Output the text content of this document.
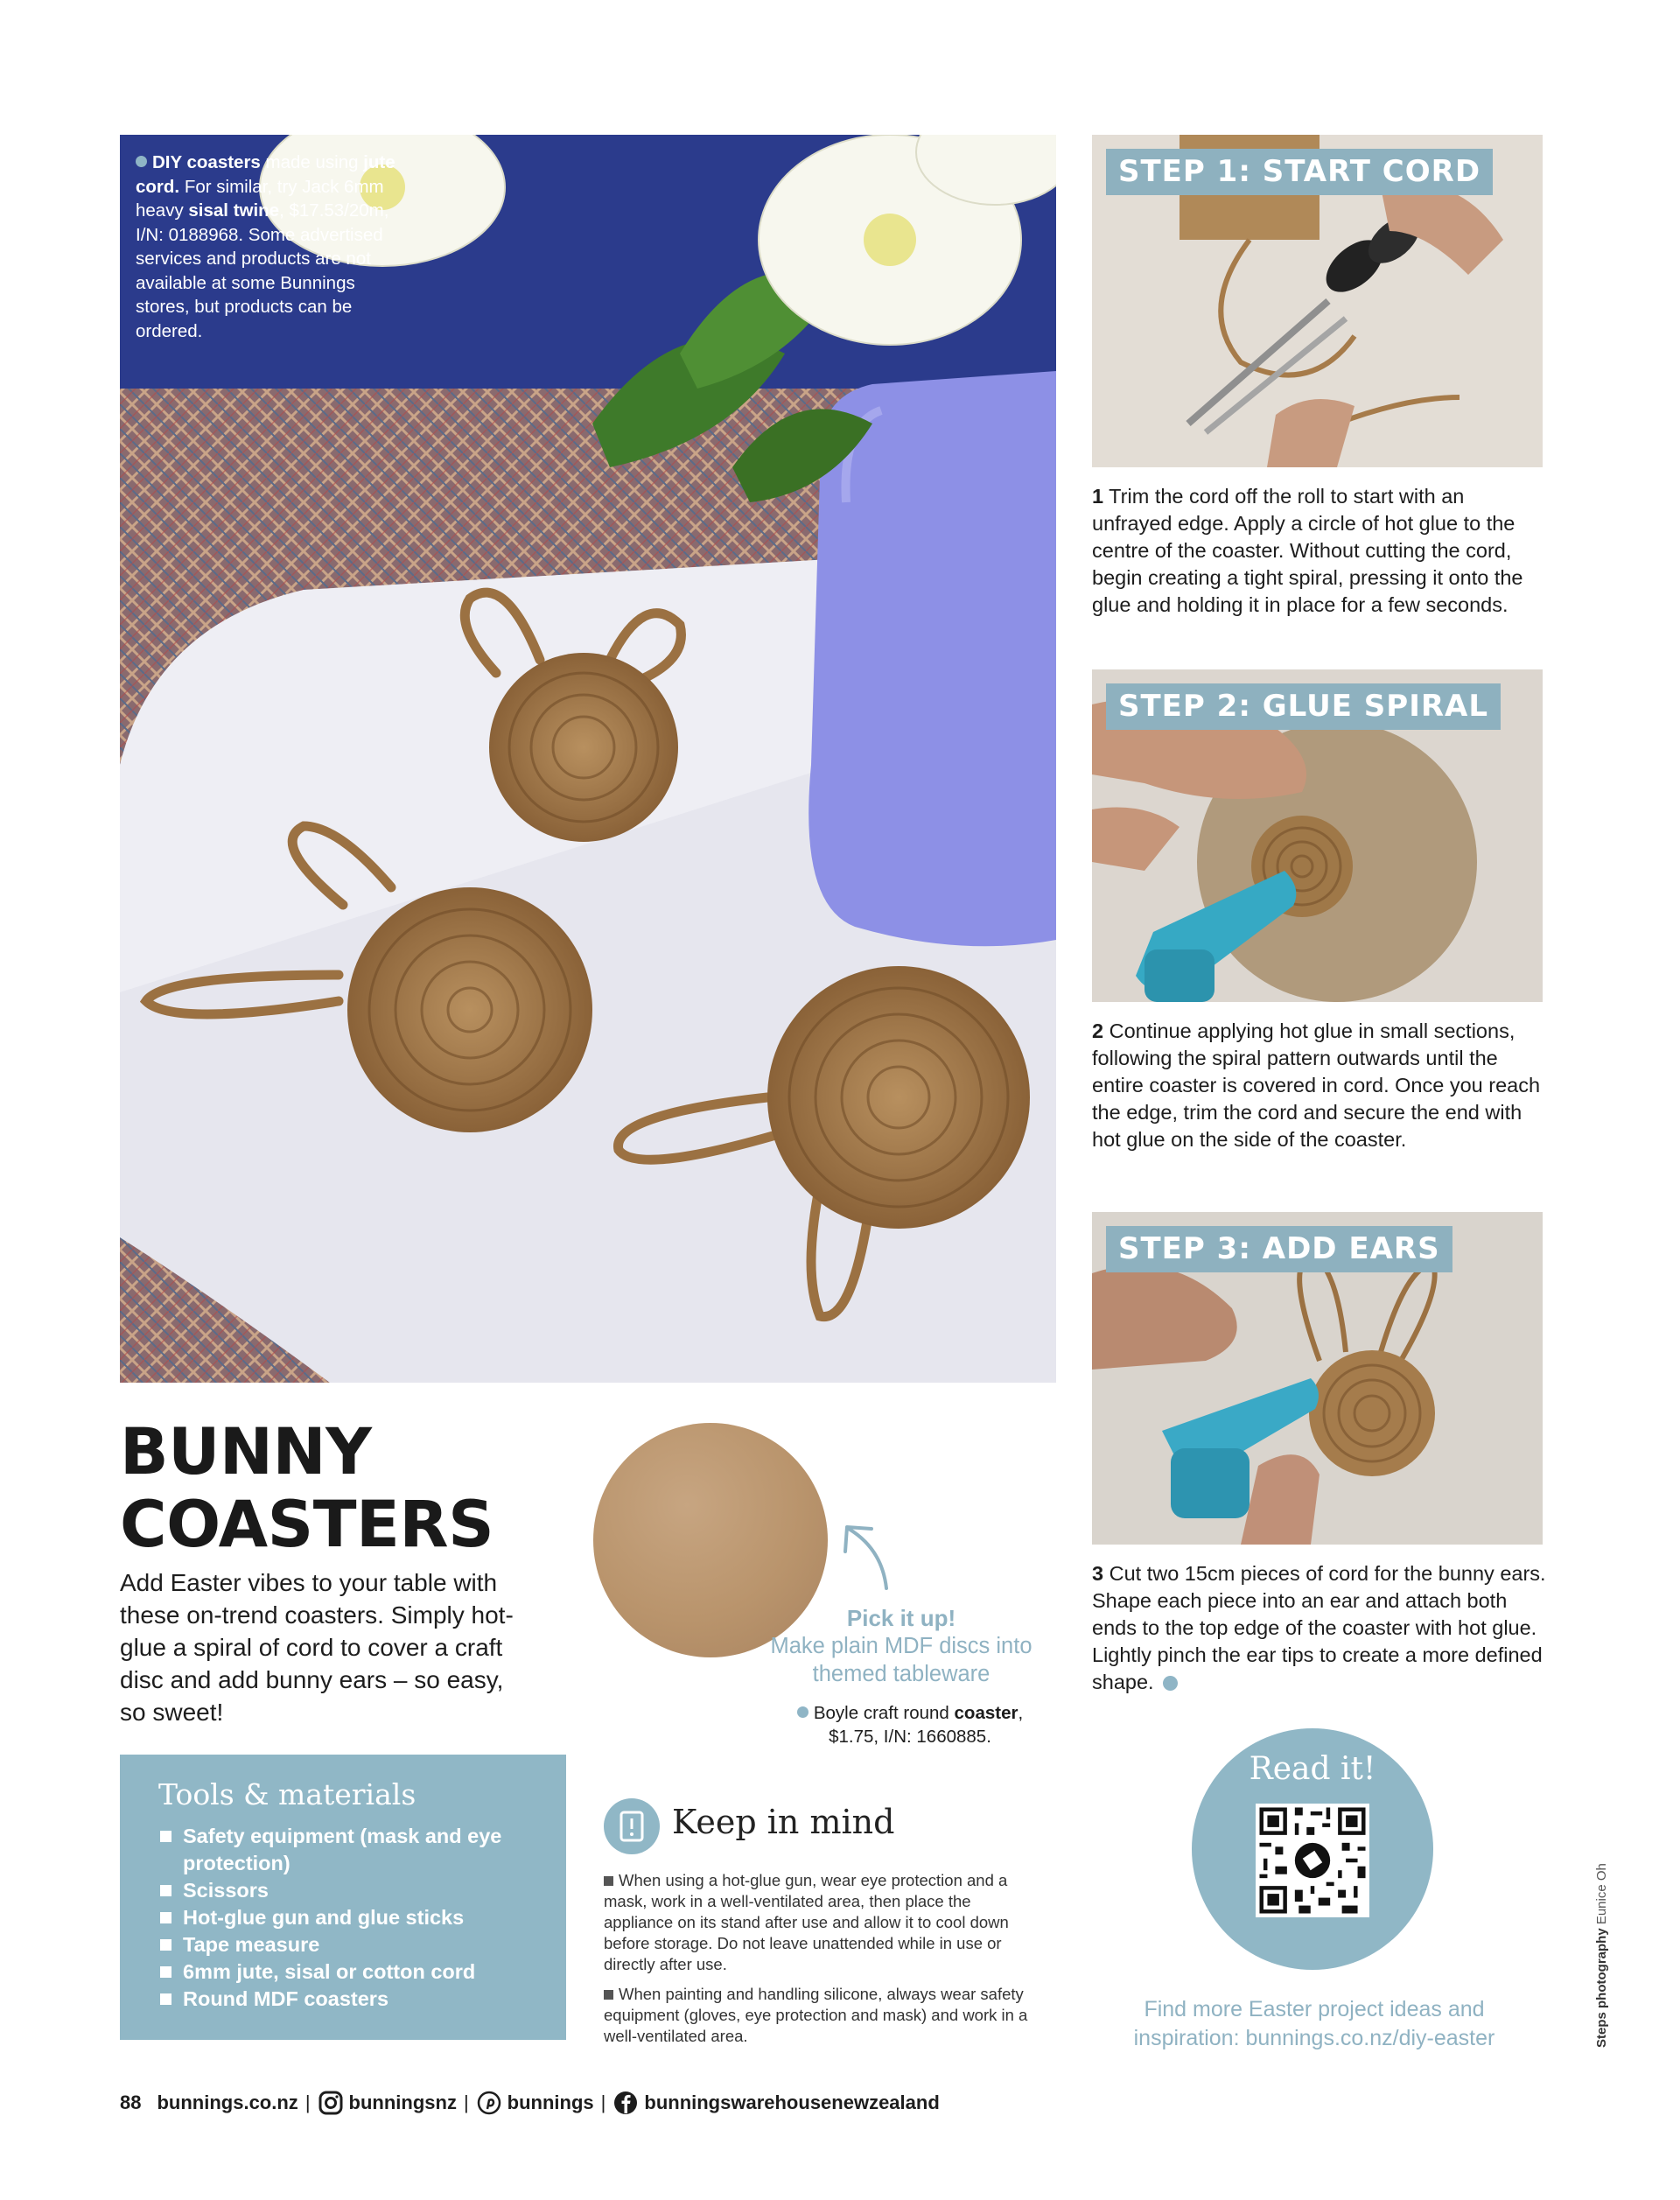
DIY coasters made using jute cord. For similar, try Jack 6mm heavy sisal twine, $17.53/20m, I/N: 0188968. Some advertised services and products are not available at some Bunnings stores, but products can be ordered.
STEP 1: START CORD
1 Trim the cord off the roll to start with an unfrayed edge. Apply a circle of hot glue to the centre of the coaster. Without cutting the cord, begin creating a tight spiral, pressing it onto the glue and holding it in place for a few seconds.
STEP 2: GLUE SPIRAL
2 Continue applying hot glue in small sections, following the spiral pattern outwards until the entire coaster is covered in cord. Once you reach the edge, trim the cord and secure the end with hot glue on the side of the coaster.
STEP 3: ADD EARS
3 Cut two 15cm pieces of cord for the bunny ears. Shape each piece into an ear and attach both ends to the top edge of the coaster with hot glue. Lightly pinch the ear tips to create a more defined shape.
BUNNY
COASTERS
Add Easter vibes to your table with these on-trend coasters. Simply hot-glue a spiral of cord to cover a craft disc and add bunny ears – so easy, so sweet!
Pick it up!
Make plain MDF discs into themed tableware
Boyle craft round coaster, $1.75, I/N: 1660885.
Tools & materials
Safety equipment (mask and eye protection)
Scissors
Hot-glue gun and glue sticks
Tape measure
6mm jute, sisal or cotton cord
Round MDF coasters
Keep in mind
When using a hot-glue gun, wear eye protection and a mask, work in a well-ventilated area, then place the appliance on its stand after use and allow it to cool down before storage. Do not leave unattended while in use or directly after use.
When painting and handling silicone, always wear safety equipment (gloves, eye protection and mask) and work in a well-ventilated area.
Read it!
Find more Easter project ideas and inspiration: bunnings.co.nz/diy-easter	Steps photography Eunice Oh
88 bunnings.co.nz | bunningsnz | bunnings | bunningswarehousenewzealand
